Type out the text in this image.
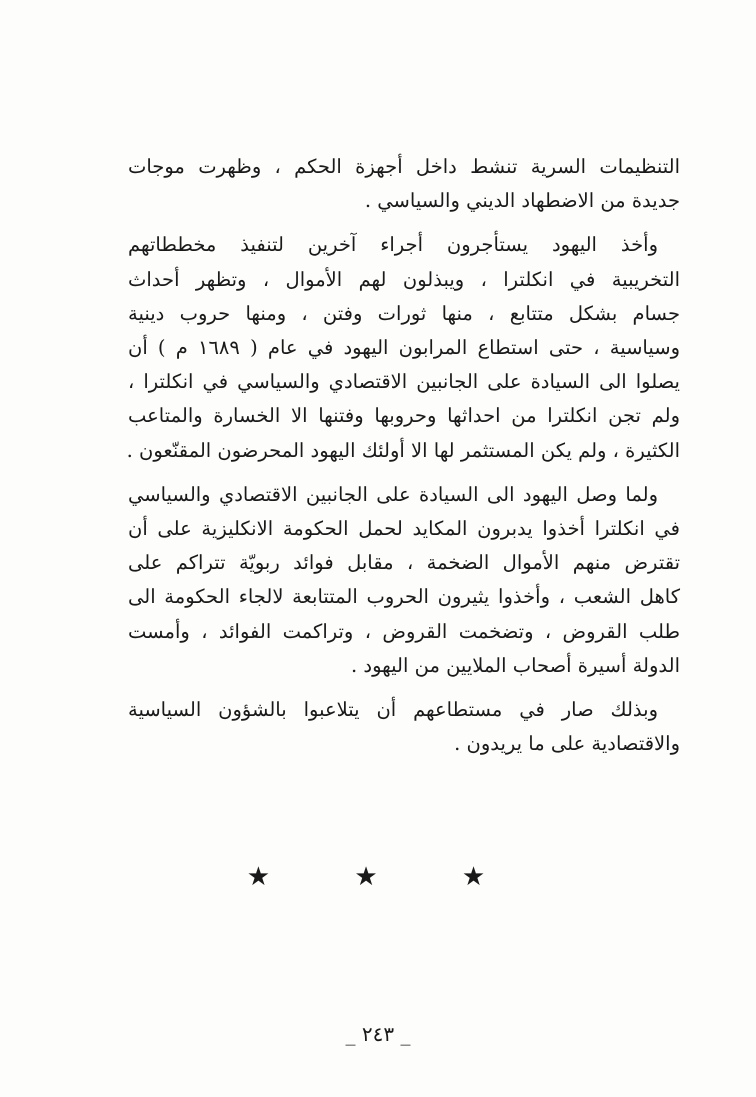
التنظيمات السرية تنشط داخل أجهزة الحكم ، وظهرت موجات
جديدة من الاضطهاد الديني والسياسي .

وأخذ اليهود يستأجرون أجراء آخرين لتنفيذ مخططاتهم
التخريبية في انكلترا ، ويبذلون لهم الأموال ، وتظهر أحداث
جسام بشكل متتابع ، منها ثورات وفتن ، ومنها حروب دينية
وسياسية ، حتى استطاع المرابون اليهود في عام ( ١٦٨٩ م ) أن
يصلوا الى السيادة على الجانبين الاقتصادي والسياسي في انكلترا ،
ولم تجن انكلترا من احداثها وحروبها وفتنها الا الخسارة والمتاعب
الكثيرة ، ولم يكن المستثمر لها الا أولئك اليهود المحرضون المقنّعون .

ولما وصل اليهود الى السيادة على الجانبين الاقتصادي والسياسي
في انكلترا أخذوا يدبرون المكايد لحمل الحكومة الانكليزية على أن
تقترض منهم الأموال الضخمة ، مقابل فوائد ربويّة تتراكم على
كاهل الشعب ، وأخذوا يثيرون الحروب المتتابعة لالجاء الحكومة الى
طلب القروض ، وتضخمت القروض ، وتراكمت الفوائد ، وأمست
الدولة أسيرة أصحاب الملايين من اليهود .

وبذلك صار في مستطاعهم أن يتلاعبوا بالشؤون السياسية
والاقتصادية على ما يريدون .

★ ★ ★
_ ٢٤٣ _
